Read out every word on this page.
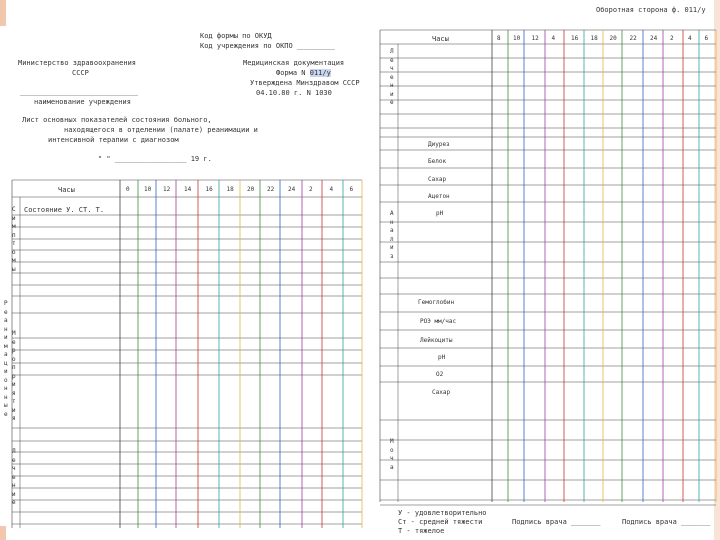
Код формы по ОКУД
Код учреждения по ОКПО _________
Министерство здравоохранения
СССР
Медицинская документация
Форма N 011/у
Утверждена Минздравом СССР
04.10.80 г. N 1030
____________________________
наименование учреждения
Лист основных показателей состояния больного,
находящегося в отделении (палате) реанимации и
интенсивной терапии с диагнозом
" " _________________ 19 г.
Часы	0 10 12 14 16 18 20 22 24 2	4	6
Состояние У. СТ. Т.
С
и
м
п
т
о
м
ы
Р
е
а
н
и
м
а
ц
и
о
н
н
ы
е
М
е
р
о
п
р
и
я
т
и
я
Л
е
ч
е
н
и
е
Оборотная сторона ф. 011/у
Часы	8 10 12 4	16 18 20 22 24 2 4 6
Диурез
Белок
Сахар
Ацетон
pH
Гемоглобин
РОЭ мм/час
Лейкоциты
pH
О2
Сахар
Л
е
ч
е
н
и
е
А
н
а
л
и
з
М
о
ч
а
У - удовлетворительно
Ст - средней тяжести
Т - тяжелое
Подпись врача _______	Подпись врача _______
